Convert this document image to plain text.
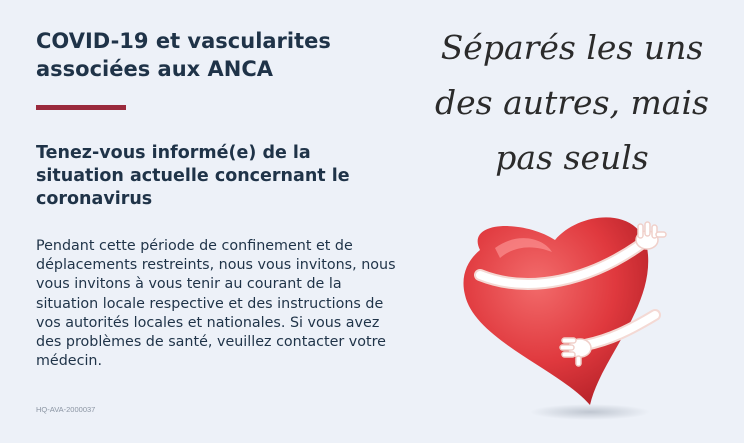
COVID-19 et vascularites associées aux ANCA
Tenez-vous informé(e) de la situation actuelle concernant le coronavirus

Pendant cette période de confinement et de déplacements restreints, nous vous invitons, nous vous invitons à vous tenir au courant de la situation locale respective et des instructions de vos autorités locales et nationales. Si vous avez des problèmes de santé, veuillez contacter votre médecin.

HQ-AVA-2000037
Séparés les uns
des autres, mais
pas seuls
